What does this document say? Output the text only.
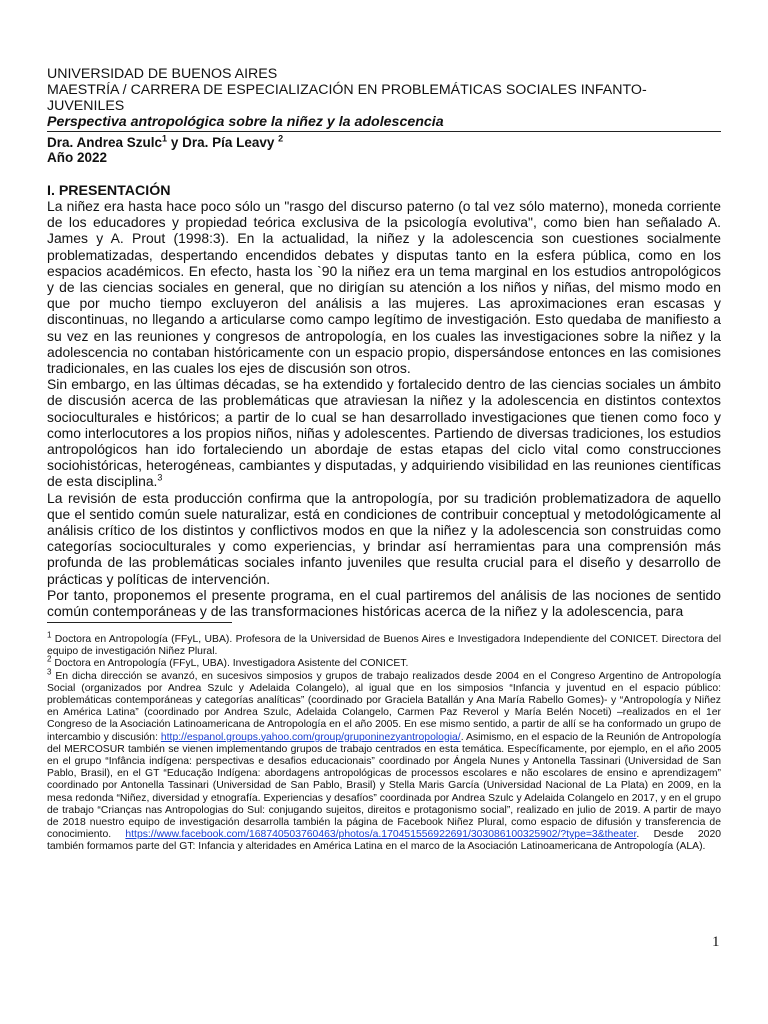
UNIVERSIDAD DE BUENOS AIRES

MAESTRÍA / CARRERA DE ESPECIALIZACIÓN EN PROBLEMÁTICAS SOCIALES INFANTO-JUVENILES

Perspectiva antropológica sobre la niñez y la adolescencia

Dra. Andrea Szulc$^1$ y Dra. Pía Leavy $^2$

Año 2022

I. PRESENTACIÓN

La niñez era hasta hace poco sólo un "rasgo del discurso paterno (o tal vez sólo materno), moneda corriente de los educadores y propiedad teórica exclusiva de la psicología evolutiva", como bien han señalado A. James y A. Prout (1998:3). En la actualidad, la niñez y la adolescencia son cuestiones socialmente problematizadas, despertando encendidos debates y disputas tanto en la esfera pública, como en los espacios académicos. En efecto, hasta los `90 la niñez era un tema marginal en los estudios antropológicos y de las ciencias sociales en general, que no dirigían su atención a los niños y niñas, del mismo modo en que por mucho tiempo excluyeron del análisis a las mujeres. Las aproximaciones eran escasas y discontinuas, no llegando a articularse como campo legítimo de investigación. Esto quedaba de manifiesto a su vez en las reuniones y congresos de antropología, en los cuales las investigaciones sobre la niñez y la adolescencia no contaban históricamente con un espacio propio, dispersándose entonces en las comisiones tradicionales, en las cuales los ejes de discusión son otros.

Sin embargo, en las últimas décadas, se ha extendido y fortalecido dentro de las ciencias sociales un ámbito de discusión acerca de las problemáticas que atraviesan la niñez y la adolescencia en distintos contextos socioculturales e históricos; a partir de lo cual se han desarrollado investigaciones que tienen como foco y como interlocutores a los propios niños, niñas y adolescentes. Partiendo de diversas tradiciones, los estudios antropológicos han ido fortaleciendo un abordaje de estas etapas del ciclo vital como construcciones sociohistóricas, heterogéneas, cambiantes y disputadas, y adquiriendo visibilidad en las reuniones científicas de esta disciplina.$^3$

La revisión de esta producción confirma que la antropología, por su tradición problematizadora de aquello que el sentido común suele naturalizar, está en condiciones de contribuir conceptual y metodológicamente al análisis crítico de los distintos y conflictivos modos en que la niñez y la adolescencia son construidas como categorías socioculturales y como experiencias, y brindar así herramientas para una comprensión más profunda de las problemáticas sociales infanto juveniles que resulta crucial para el diseño y desarrollo de prácticas y políticas de intervención.

Por tanto, proponemos el presente programa, en el cual partiremos del análisis de las nociones de sentido común contemporáneas y de las transformaciones históricas acerca de la niñez y la adolescencia, para

$^1$ Doctora en Antropología (FFyL, UBA). Profesora de la Universidad de Buenos Aires e Investigadora Independiente del CONICET. Directora del equipo de investigación Niñez Plural.

$^2$ Doctora en Antropología (FFyL, UBA). Investigadora Asistente del CONICET.

$^3$ En dicha dirección se avanzó, en sucesivos simposios y grupos de trabajo realizados desde 2004 en el Congreso Argentino de Antropología Social (organizados por Andrea Szulc y Adelaida Colangelo), al igual que en los simposios “Infancia y juventud en el espacio público: problemáticas contemporáneas y categorías analíticas” (coordinado por Graciela Batallán y Ana María Rabello Gomes)- y “Antropología y Niñez en América Latina” (coordinado por Andrea Szulc, Adelaida Colangelo, Carmen Paz Reverol y María Belén Noceti) –realizados en el 1er Congreso de la Asociación Latinoamericana de Antropología en el año 2005. En ese mismo sentido, a partir de allí se ha conformado un grupo de intercambio y discusión: http://espanol.groups.yahoo.com/group/gruponinezyantropologia/. Asimismo, en el espacio de la Reunión de Antropología del MERCOSUR también se vienen implementando grupos de trabajo centrados en esta temática. Específicamente, por ejemplo, en el año 2005 en el grupo “Infância indígena: perspectivas e desafios educacionais” coordinado por Ángela Nunes y Antonella Tassinari (Universidad de San Pablo, Brasil), en el GT “Educação Indígena: abordagens antropológicas de processos escolares e não escolares de ensino e aprendizagem” coordinado por Antonella Tassinari (Universidad de San Pablo, Brasil) y Stella Maris García (Universidad Nacional de La Plata) en 2009, en la mesa redonda “Niñez, diversidad y etnografía. Experiencias y desafíos” coordinada por Andrea Szulc y Adelaida Colangelo en 2017, y en el grupo de trabajo “Crianças nas Antropologias do Sul: conjugando sujeitos, direitos e protagonismo social”, realizado en julio de 2019. A partir de mayo de 2018 nuestro equipo de investigación desarrolla también la página de Facebook Niñez Plural, como espacio de difusión y transferencia de conocimiento. https://www.facebook.com/168740503760463/photos/a.170451556922691/303086100325902/?type=3&theater. Desde 2020 también formamos parte del GT: Infancia y alteridades en América Latina en el marco de la Asociación Latinoamericana de Antropología (ALA).

1
